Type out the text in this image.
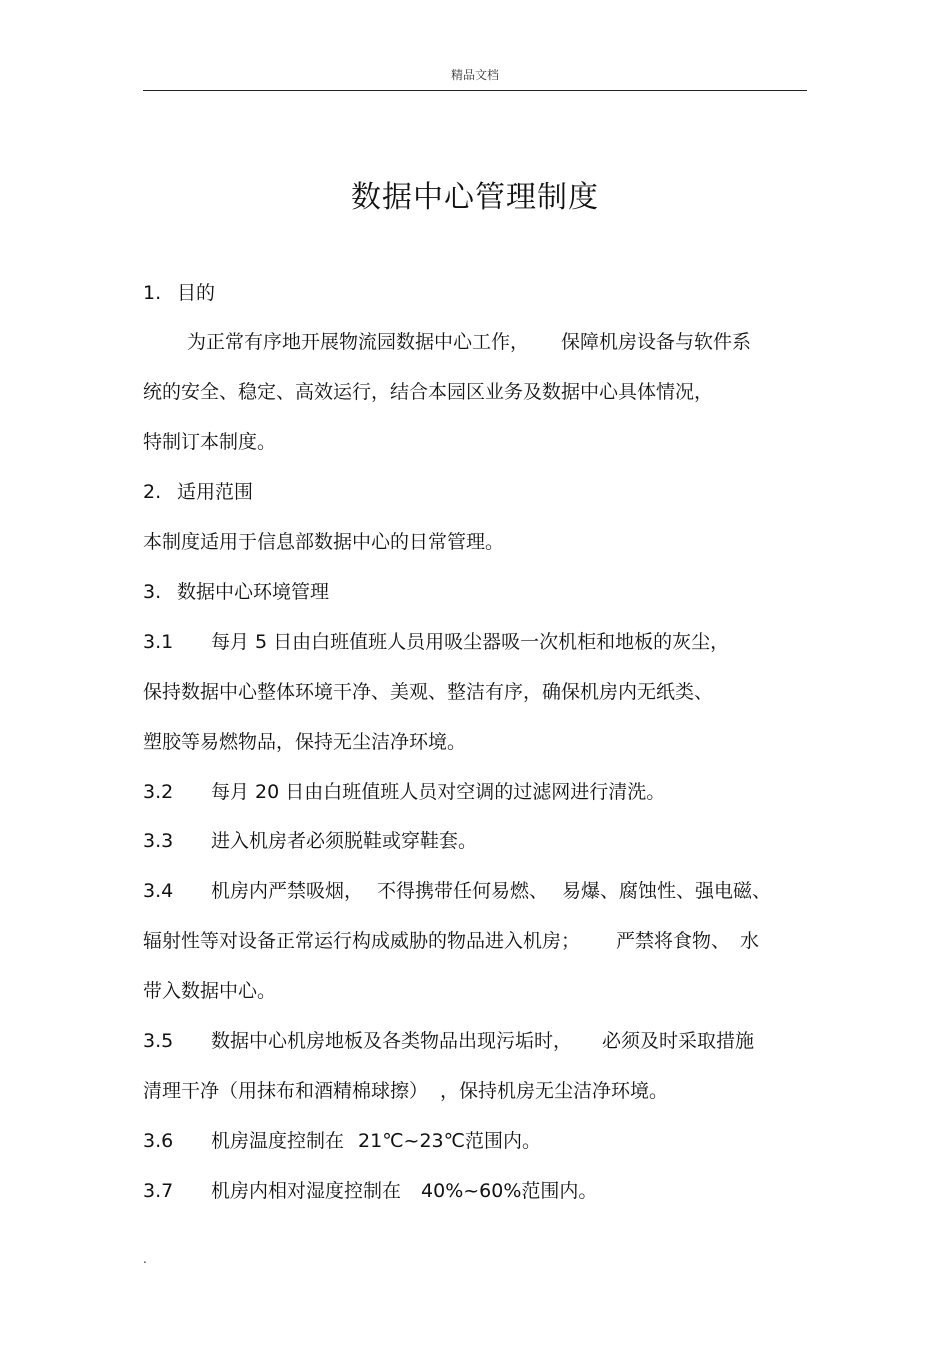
精品文档
数据中心管理制度
1. 目的
为正常有序地开展物流园数据中心工作， 保障机房设备与软件系
统的安全、稳定、高效运行，结合本园区业务及数据中心具体情况，
特制订本制度。
2. 适用范围
本制度适用于信息部数据中心的日常管理。
3. 数据中心环境管理
3.1 每月 5 日由白班值班人员用吸尘器吸一次机柜和地板的灰尘，
保持数据中心整体环境干净、美观、整洁有序，确保机房内无纸类、
塑胶等易燃物品，保持无尘洁净环境。
3.2 每月 20 日由白班值班人员对空调的过滤网进行清洗。
3.3 进入机房者必须脱鞋或穿鞋套。
3.4 机房内严禁吸烟， 不得携带任何易燃、 易爆、腐蚀性、强电磁、
辐射性等对设备正常运行构成威胁的物品进入机房； 严禁将食物、 水
带入数据中心。
3.5 数据中心机房地板及各类物品出现污垢时， 必须及时采取措施
清理干净（用抹布和酒精棉球擦） ，保持机房无尘洁净环境。
3.6 机房温度控制在 21℃~23℃范围内。
3.7 机房内相对湿度控制在 40%~60%范围内。
.
